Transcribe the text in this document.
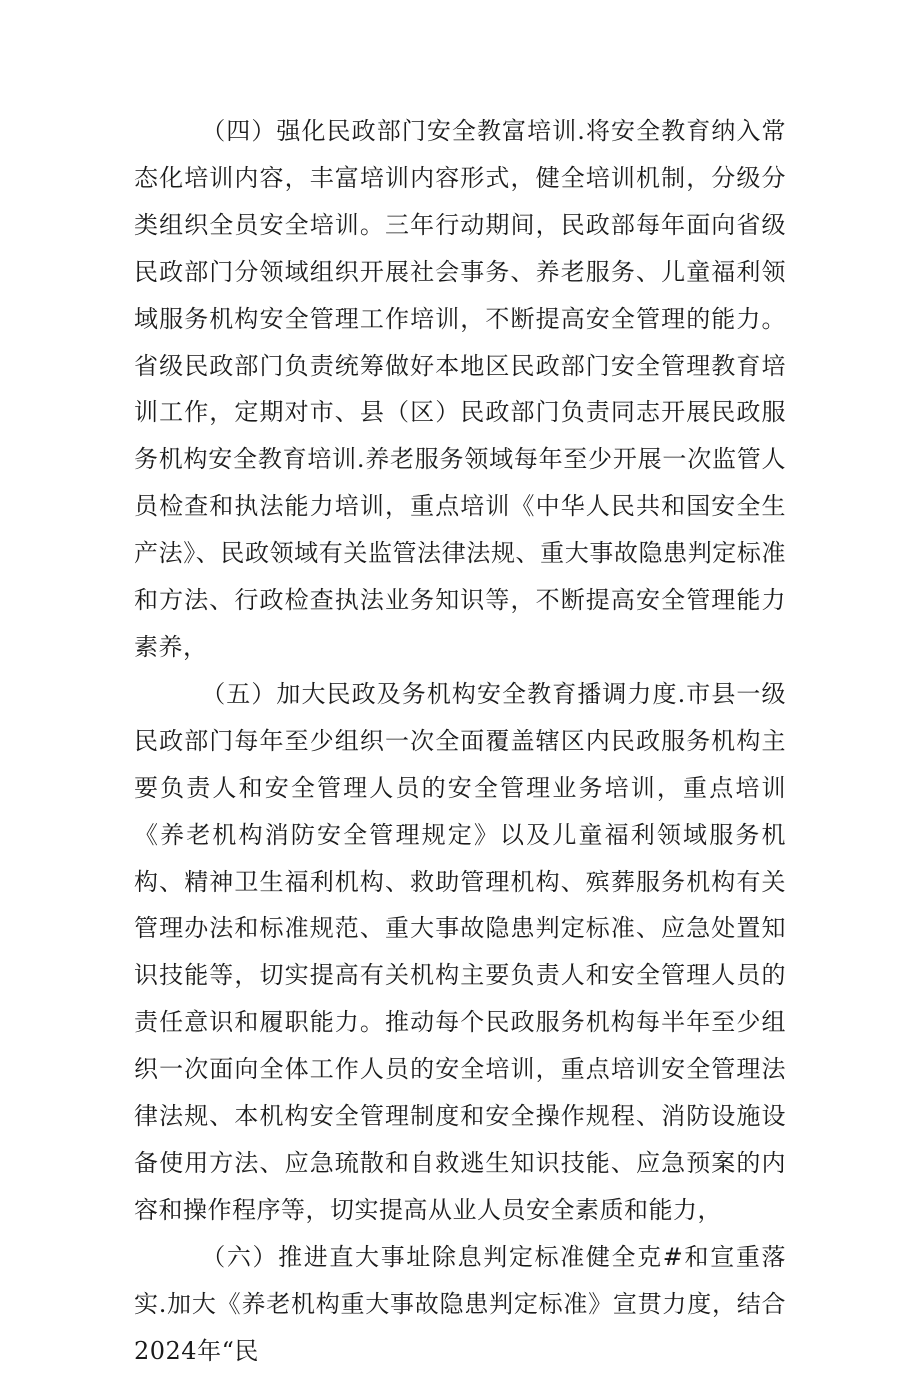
（四）强化民政部门安全教富培训.将安全教育纳入常态化培训内容，丰富培训内容形式，健全培训机制，分级分类组织全员安全培训。三年行动期间，民政部每年面向省级民政部门分领域组织开展社会事务、养老服务、儿童福利领域服务机构安全管理工作培训，不断提高安全管理的能力。省级民政部门负责统筹做好本地区民政部门安全管理教育培训工作，定期对市、县（区）民政部门负责同志开展民政服务机构安全教育培训.养老服务领域每年至少开展一次监管人员检查和执法能力培训，重点培训《中华人民共和国安全生产法》、民政领域有关监管法律法规、重大事故隐患判定标准和方法、行政检查执法业务知识等，不断提高安全管理能力素养，

（五）加大民政及务机构安全教育播调力度.市县一级民政部门每年至少组织一次全面覆盖辖区内民政服务机构主要负责人和安全管理人员的安全管理业务培训，重点培训《养老机构消防安全管理规定》以及儿童福利领域服务机构、精神卫生福利机构、救助管理机构、殡葬服务机构有关管理办法和标准规范、重大事故隐患判定标准、应急处置知识技能等，切实提高有关机构主要负责人和安全管理人员的责任意识和履职能力。推动每个民政服务机构每半年至少组织一次面向全体工作人员的安全培训，重点培训安全管理法律法规、本机构安全管理制度和安全操作规程、消防设施设备使用方法、应急琉散和自救逃生知识技能、应急预案的内容和操作程序等，切实提高从业人员安全素质和能力，

（六）推进直大事址除息判定标准健全克#和宣重落实.加大《养老机构重大事故隐患判定标准》宣贯力度，结合2024年“民
